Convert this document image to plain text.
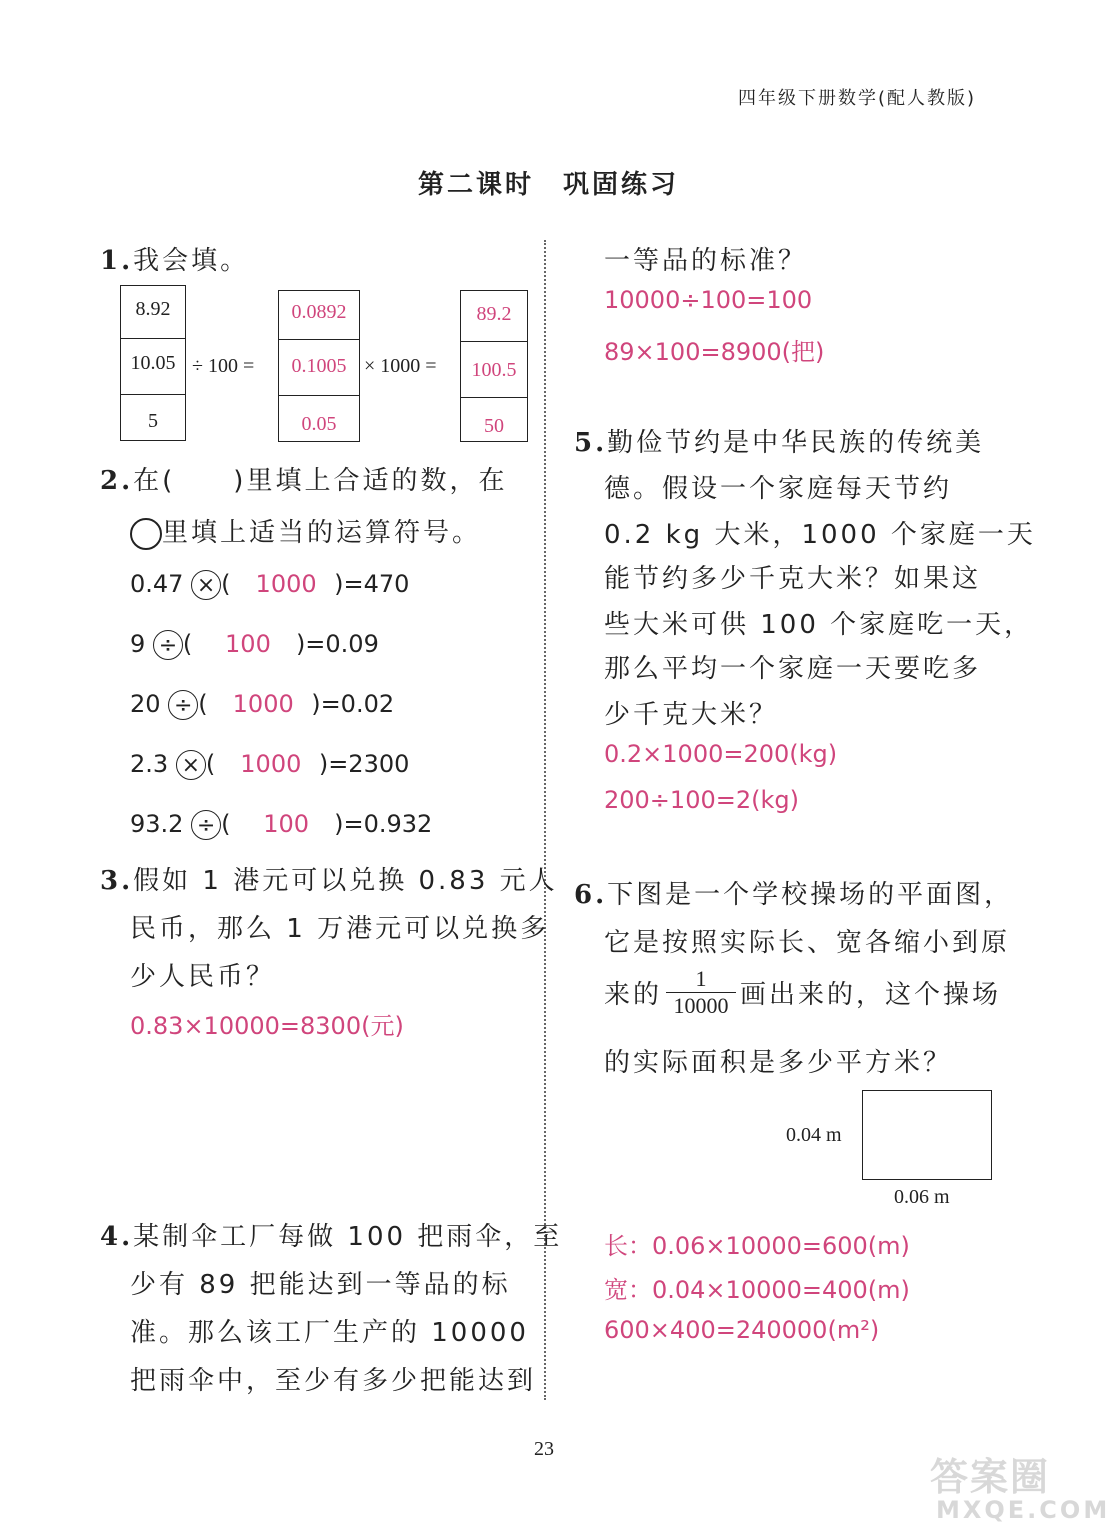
四年级下册数学(配人教版)
第二课时　巩固练习
1.我会填。
8.92
10.05
5
÷ 100 =
0.0892
0.1005
0.05
× 1000 =
89.2
100.5
50
2.在(　　)里填上合适的数，在
里填上适当的运算符号。
0.47 × ( 1000 )=470
9 ÷ ( 100 )=0.09
20 ÷ ( 1000 )=0.02
2.3 × ( 1000 )=2300
93.2 ÷ ( 100 )=0.932
3.假如 1 港元可以兑换 0.83 元人
民币，那么 1 万港元可以兑换多
少人民币？
0.83×10000=8300(元)
4.某制伞工厂每做 100 把雨伞，至
少有 89 把能达到一等品的标
准。那么该工厂生产的 10000
把雨伞中，至少有多少把能达到
一等品的标准？
10000÷100=100
89×100=8900(把)
5.勤俭节约是中华民族的传统美
德。假设一个家庭每天节约
0.2 kg 大米，1000 个家庭一天
能节约多少千克大米？如果这
些大米可供 100 个家庭吃一天，
那么平均一个家庭一天要吃多
少千克大米？
0.2×1000=200(kg)
200÷100=2(kg)
6.下图是一个学校操场的平面图，
它是按照实际长、宽各缩小到原
来的
1
10000 画出来的，这个操场
的实际面积是多少平方米？
0.04 m
0.06 m
长：0.06×10000=600(m)
宽：0.04×10000=400(m)
600×400=240000(m²)
23
答案圈
MXQE.COM
